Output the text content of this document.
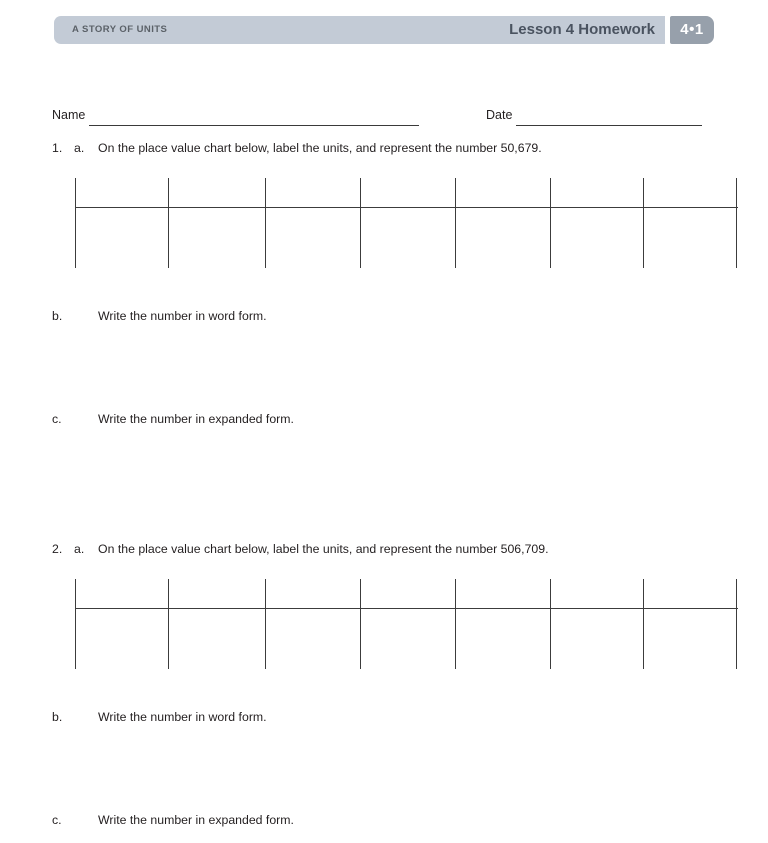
A STORY OF UNITS	Lesson 4 Homework	4•1
Name	Date
1. a. On the place value chart below, label the units, and represent the number 50,679.
b.	Write the number in word form.
c.	Write the number in expanded form.
2. a. On the place value chart below, label the units, and represent the number 506,709.
b.	Write the number in word form.
c.	Write the number in expanded form.
